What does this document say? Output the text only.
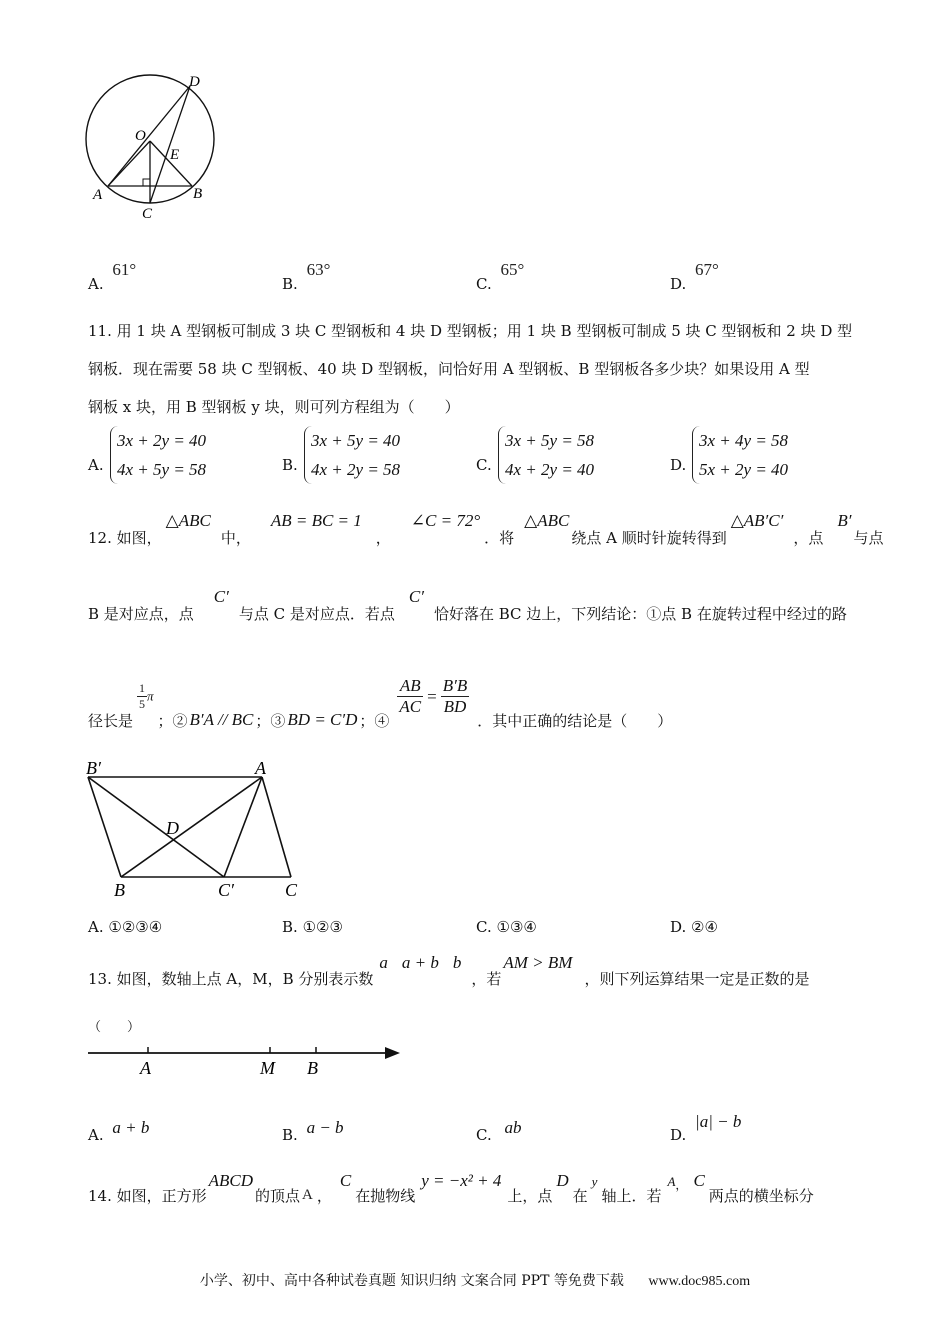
D
O
E
A	B
C
A. 61°
B. 63°
C. 65°
D. 67°
11. 用 1 块 A 型钢板可制成 3 块 C 型钢板和 4 块 D 型钢板；用 1 块 B 型钢板可制成 5 块 C 型钢板和 2 块 D 型
钢板．现在需要 58 块 C 型钢板、40 块 D 型钢板，问恰好用 A 型钢板、B 型钢板各多少块？如果设用 A 型
钢板 x 块，用 B 型钢板 y 块，则可列方程组为（　　）
A.
3x + 2y = 40
4x + 5y = 58	B.
3x + 5y = 40
4x + 2y = 58	C.
3x + 5y = 58
4x + 2y = 40	D.
3x + 4y = 58
5x + 2y = 40
12. 如图，△ABC中，AB = BC = 1，∠C = 72°．将△ABC绕点 A 顺时针旋转得到△AB′C′，点B′与点
B 是对应点，点C′与点 C 是对应点．若点C′恰好落在 BC 边上，下列结论：①点 B 在旋转过程中经过的路
径长是
$\frac{1}{5}$ π；② B′A // BC ；③ BD = C′D ；④
$\frac{AB}{AC} = \frac{B'B}{BD}$
．其中正确的结论是（　　）
B′	A
D
B	C′	C
A. ①②③④	B. ①②③	C. ①③④	D. ②④
13. 如图，数轴上点 A，M，B 分别表示数a a + b b，若AM > BM，则下列运算结果一定是正数的是
（　　）
A	M B
A. a + b	B. a − b	C. ab	D. |a| − b
14. 如图，正方形ABCD的顶点 A ，C在抛物线y = −x² + 4上，点D在y轴上．若$A_,$ C两点的横坐标分
小学、初中、高中各种试卷真题 知识归纳 文案合同 PPT 等免费下载 www.doc985.com
